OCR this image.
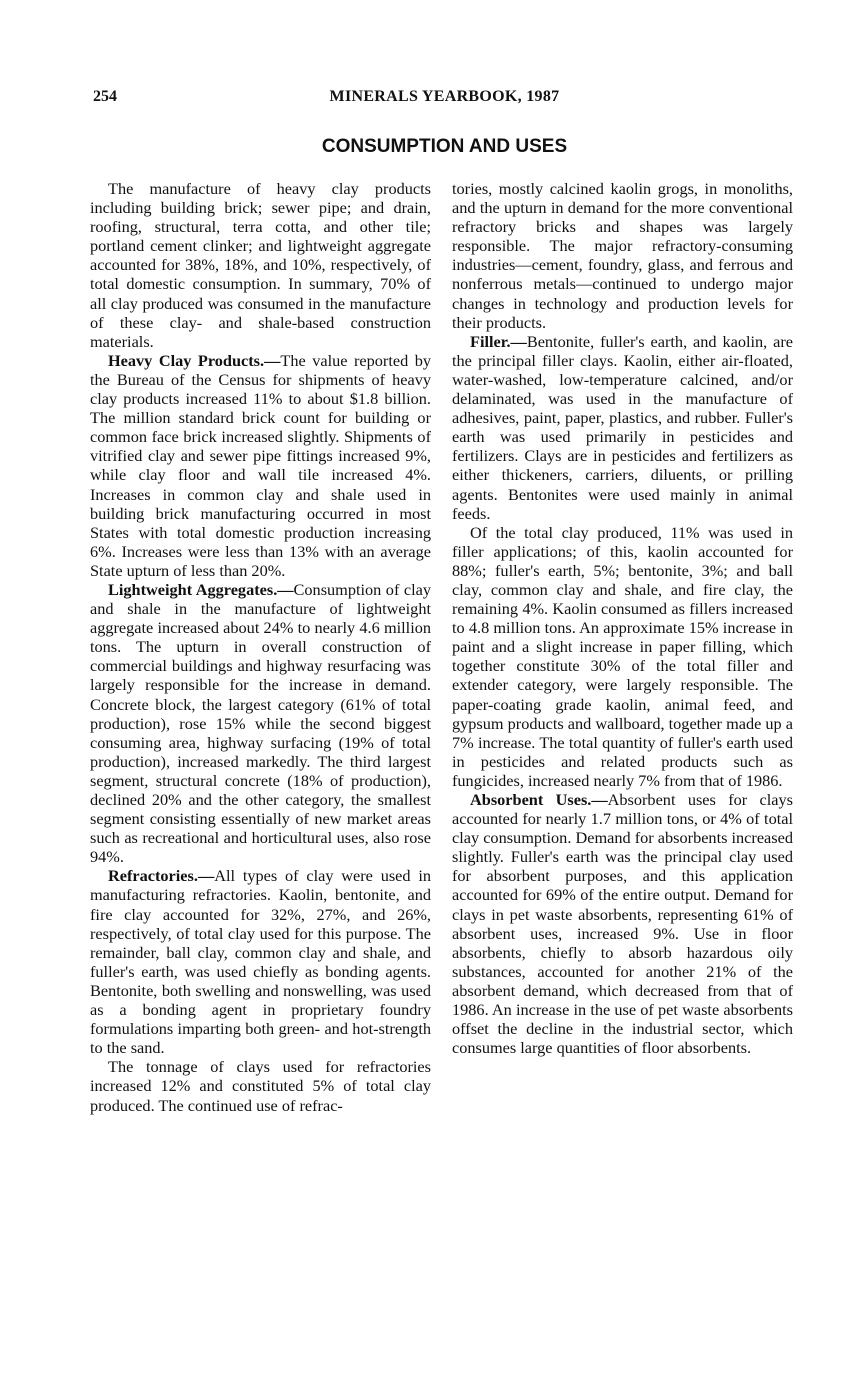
254	MINERALS YEARBOOK, 1987
CONSUMPTION AND USES

The manufacture of heavy clay products including building brick; sewer pipe; and drain, roofing, structural, terra cotta, and other tile; portland cement clinker; and lightweight aggregate accounted for 38%, 18%, and 10%, respectively, of total domestic consumption. In summary, 70% of all clay produced was consumed in the manufacture of these clay- and shale-based construction materials.

Heavy Clay Products.—The value reported by the Bureau of the Census for shipments of heavy clay products increased 11% to about $1.8 billion. The million standard brick count for building or common face brick increased slightly. Shipments of vitrified clay and sewer pipe fittings increased 9%, while clay floor and wall tile increased 4%. Increases in common clay and shale used in building brick manufacturing occurred in most States with total domestic production increasing 6%. Increases were less than 13% with an average State upturn of less than 20%.

Lightweight Aggregates.—Consumption of clay and shale in the manufacture of lightweight aggregate increased about 24% to nearly 4.6 million tons. The upturn in overall construction of commercial buildings and highway resurfacing was largely responsible for the increase in demand. Concrete block, the largest category (61% of total production), rose 15% while the second biggest consuming area, highway surfacing (19% of total production), increased markedly. The third largest segment, structural concrete (18% of production), declined 20% and the other category, the smallest segment consisting essentially of new market areas such as recreational and horticultural uses, also rose 94%.

Refractories.—All types of clay were used in manufacturing refractories. Kaolin, bentonite, and fire clay accounted for 32%, 27%, and 26%, respectively, of total clay used for this purpose. The remainder, ball clay, common clay and shale, and fuller's earth, was used chiefly as bonding agents. Bentonite, both swelling and nonswelling, was used as a bonding agent in proprietary foundry formulations imparting both green- and hot-strength to the sand.

The tonnage of clays used for refractories increased 12% and constituted 5% of total clay produced. The continued use of refrac-

tories, mostly calcined kaolin grogs, in monoliths, and the upturn in demand for the more conventional refractory bricks and shapes was largely responsible. The major refractory-consuming industries—cement, foundry, glass, and ferrous and nonferrous metals—continued to undergo major changes in technology and production levels for their products.

Filler.—Bentonite, fuller's earth, and kaolin, are the principal filler clays. Kaolin, either air-floated, water-washed, low-temperature calcined, and/or delaminated, was used in the manufacture of adhesives, paint, paper, plastics, and rubber. Fuller's earth was used primarily in pesticides and fertilizers. Clays are in pesticides and fertilizers as either thickeners, carriers, diluents, or prilling agents. Bentonites were used mainly in animal feeds.

Of the total clay produced, 11% was used in filler applications; of this, kaolin accounted for 88%; fuller's earth, 5%; bentonite, 3%; and ball clay, common clay and shale, and fire clay, the remaining 4%. Kaolin consumed as fillers increased to 4.8 million tons. An approximate 15% increase in paint and a slight increase in paper filling, which together constitute 30% of the total filler and extender category, were largely responsible. The paper-coating grade kaolin, animal feed, and gypsum products and wallboard, together made up a 7% increase. The total quantity of fuller's earth used in pesticides and related products such as fungicides, increased nearly 7% from that of 1986.

Absorbent Uses.—Absorbent uses for clays accounted for nearly 1.7 million tons, or 4% of total clay consumption. Demand for absorbents increased slightly. Fuller's earth was the principal clay used for absorbent purposes, and this application accounted for 69% of the entire output. Demand for clays in pet waste absorbents, representing 61% of absorbent uses, increased 9%. Use in floor absorbents, chiefly to absorb hazardous oily substances, accounted for another 21% of the absorbent demand, which decreased from that of 1986. An increase in the use of pet waste absorbents offset the decline in the industrial sector, which consumes large quantities of floor absorbents.
